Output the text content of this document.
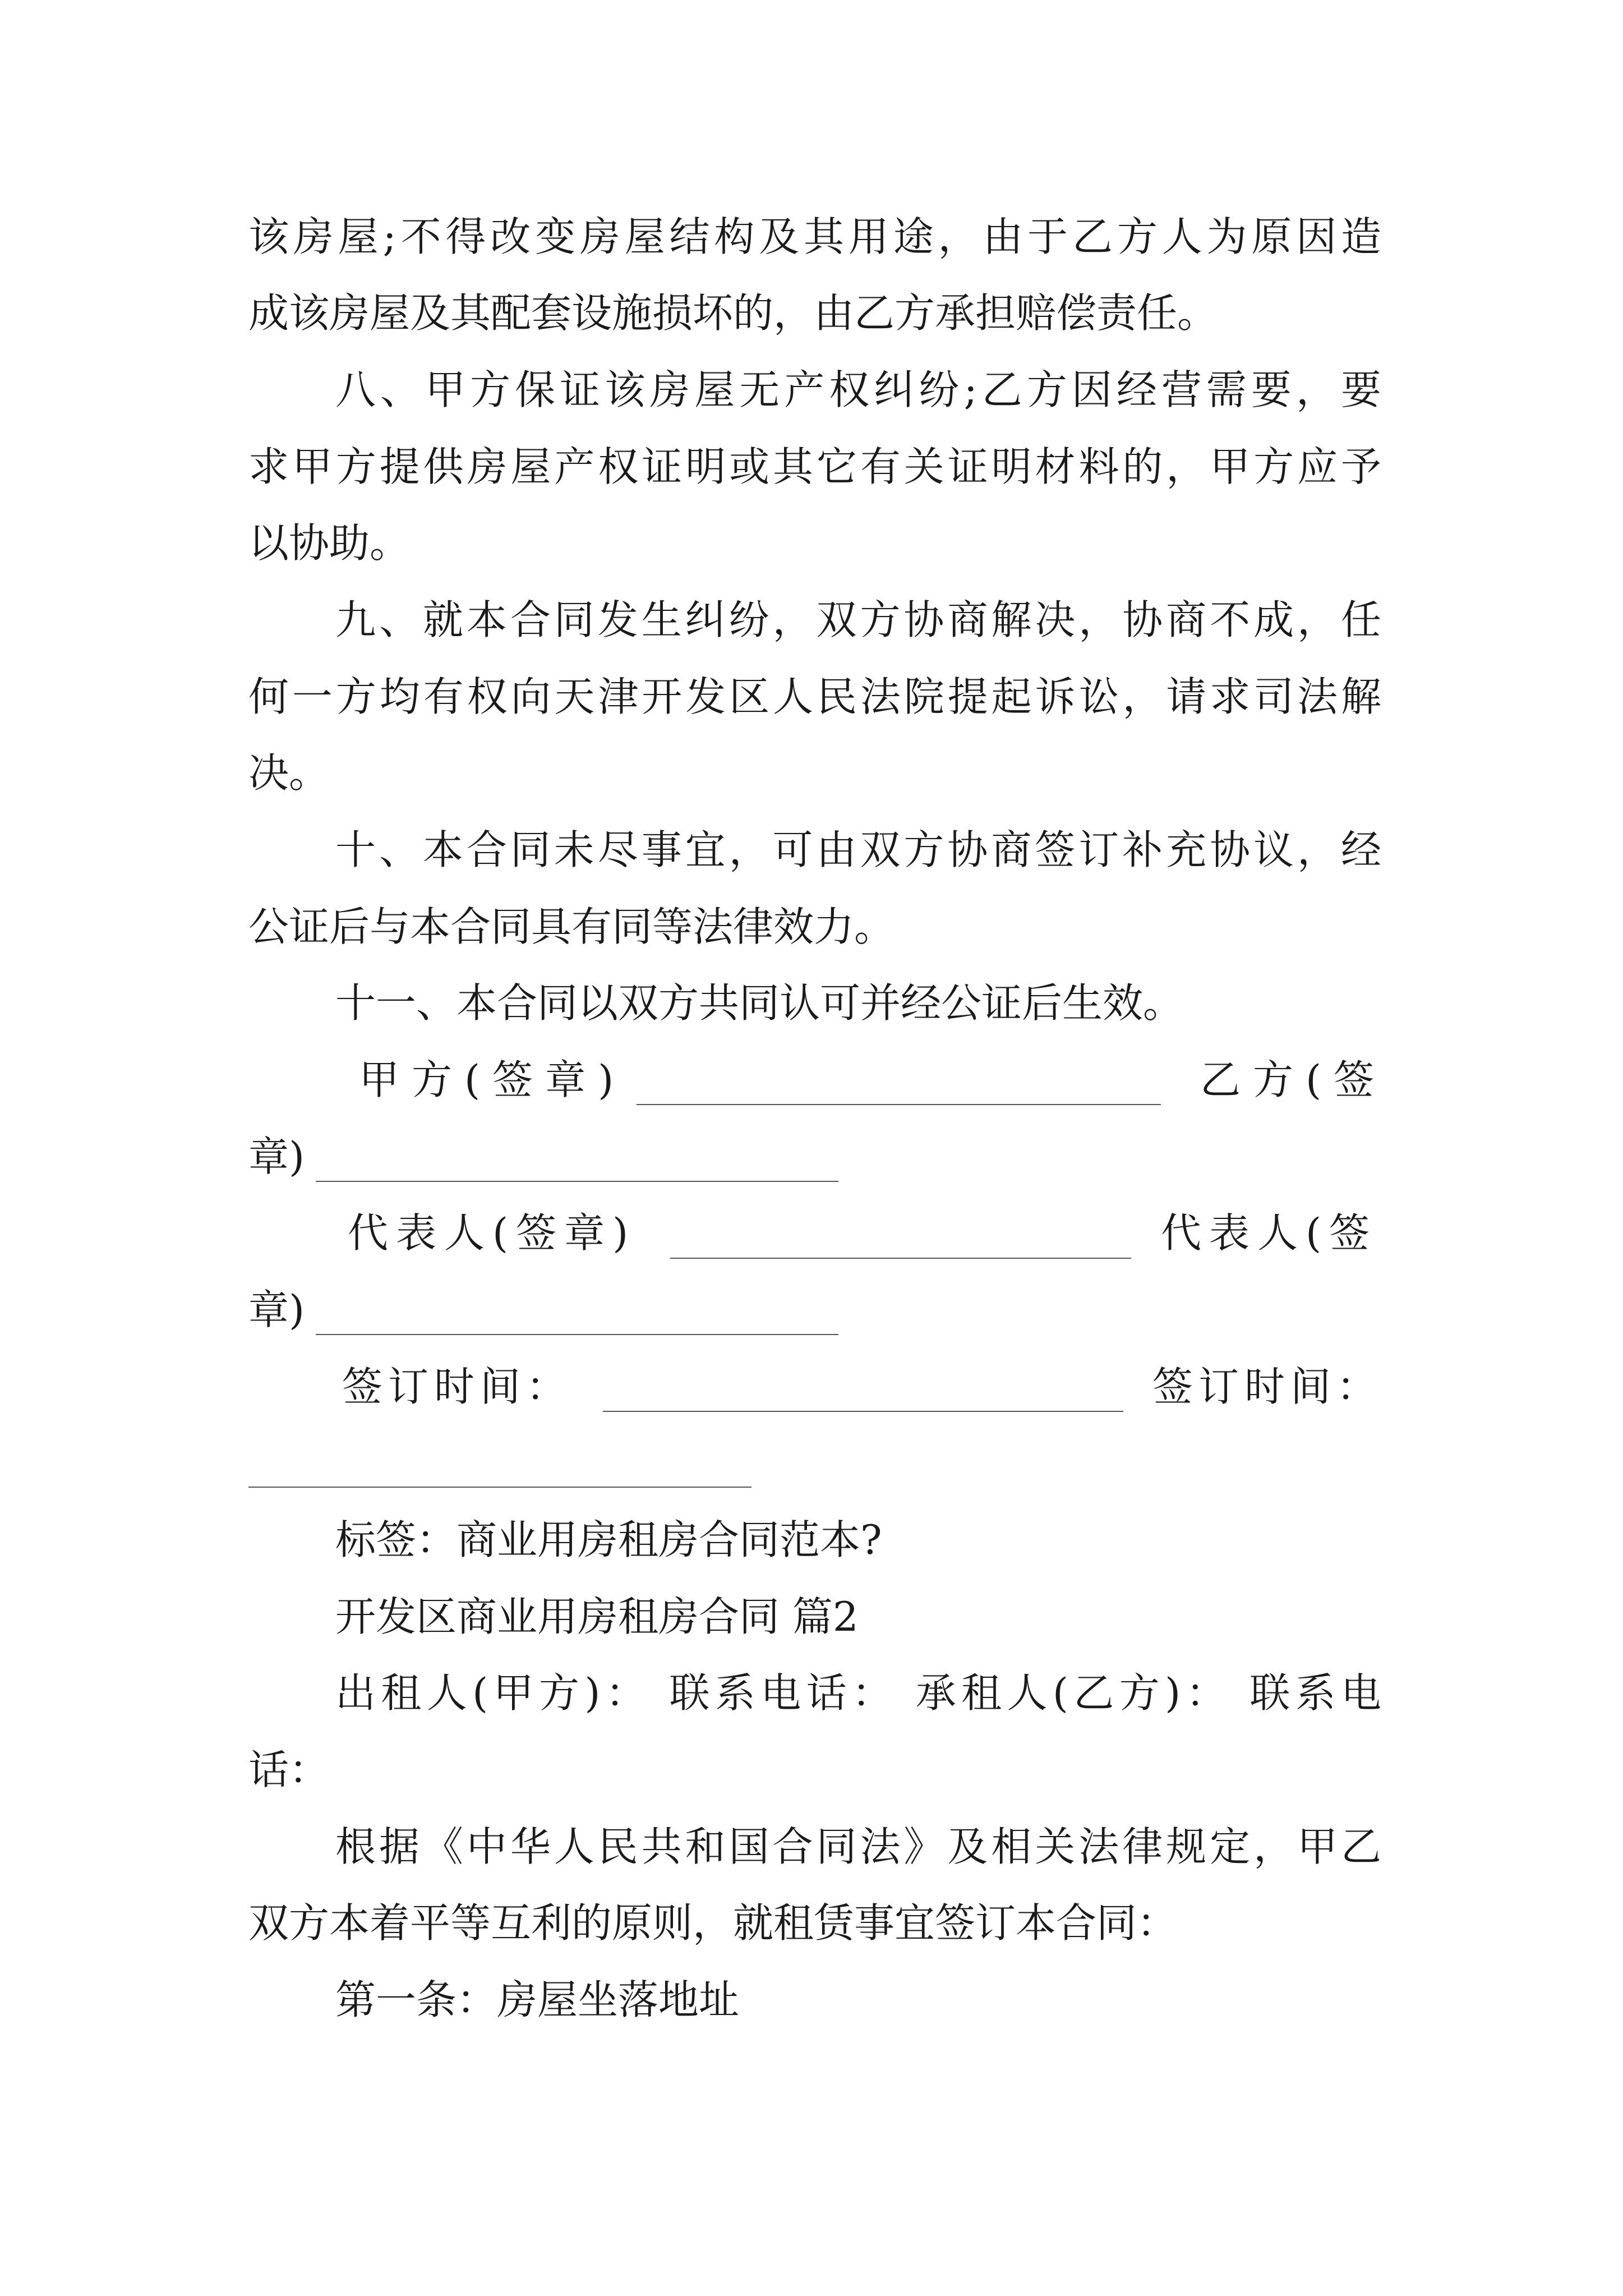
该房屋;不得改变房屋结构及其用途，由于乙方人为原因造
成该房屋及其配套设施损坏的，由乙方承担赔偿责任。
八、甲方保证该房屋无产权纠纷;乙方因经营需要，要
求甲方提供房屋产权证明或其它有关证明材料的，甲方应予
以协助。
九、就本合同发生纠纷，双方协商解决，协商不成，任
何一方均有权向天津开发区人民法院提起诉讼，请求司法解
决。
十、本合同未尽事宜，可由双方协商签订补充协议，经
公证后与本合同具有同等法律效力。
十一、本合同以双方共同认可并经公证后生效。
甲方(签章)	乙方(签
章)
代表人(签章)	代表人(签
章)
签订时间：	签订时间：
标签：商业用房租房合同范本?
开发区商业用房租房合同 篇2
出租人(甲方)： 联系电话： 承租人(乙方)： 联系电
话：
根据《中华人民共和国合同法》及相关法律规定，甲乙
双方本着平等互利的原则，就租赁事宜签订本合同：
第一条：房屋坐落地址
